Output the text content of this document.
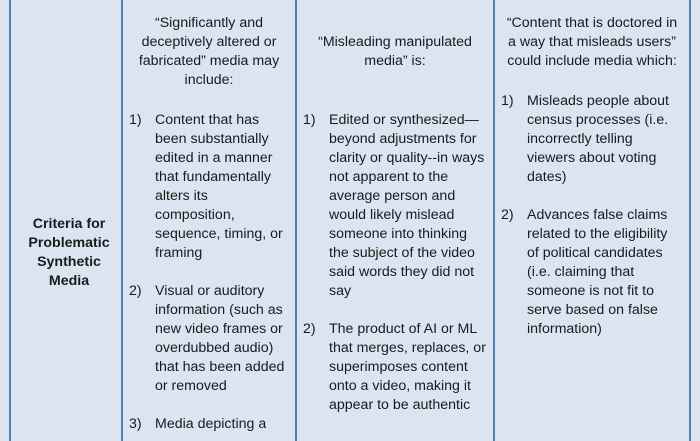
Criteria for Problematic Synthetic Media
“Significantly and deceptively altered or fabricated” media may include:
1) Content that has been substantially edited in a manner that fundamentally alters its composition, sequence, timing, or framing
2) Visual or auditory information (such as new video frames or overdubbed audio) that has been added or removed
3) Media depicting a
“Misleading manipulated media” is:
1) Edited or synthesized—beyond adjustments for clarity or quality--in ways not apparent to the average person and would likely mislead someone into thinking the subject of the video said words they did not say
2) The product of AI or ML that merges, replaces, or superimposes content onto a video, making it appear to be authentic
“Content that is doctored in a way that misleads users” could include media which:
1) Misleads people about census processes (i.e. incorrectly telling viewers about voting dates)
2) Advances false claims related to the eligibility of political candidates (i.e. claiming that someone is not fit to serve based on false information)
